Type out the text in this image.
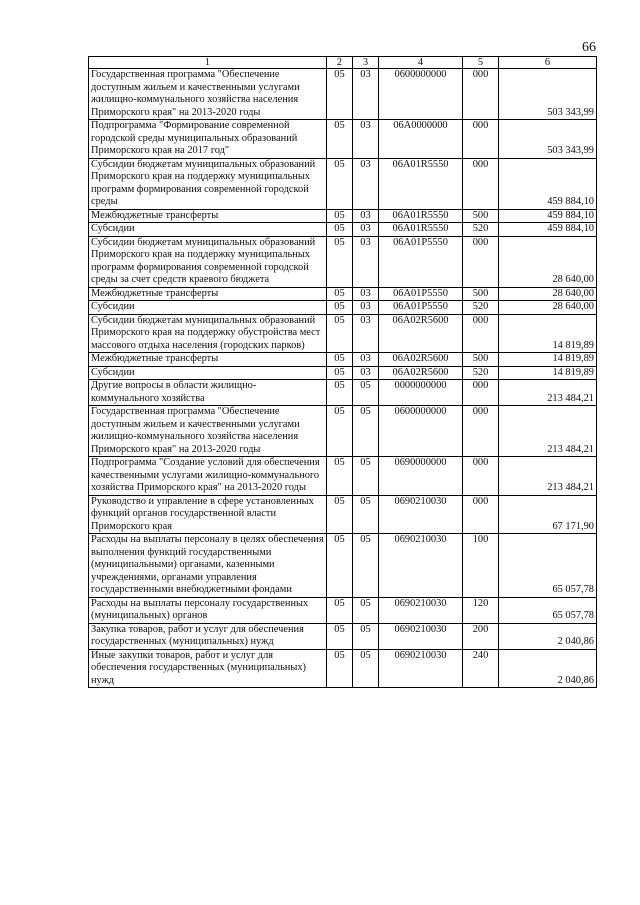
66
1	2	3	4	5	6
Государственная программа "Обеспечение доступным жильем и качественными услугами жилищно-коммунального хозяйства населения Приморского края" на 2013-2020 годы	05	03	0600000000	000	503 343,99
Подпрограмма "Формирование современной городской среды муниципальных образований Приморского края на 2017 год"	05	03	06А0000000	000	503 343,99
Субсидии бюджетам муниципальных образований Приморского края на поддержку муниципальных программ формирования современной городской среды	05	03	06А01R5550	000	459 884,10
Межбюджетные трансферты	05	03	06А01R5550	500	459 884,10
Субсидии	05	03	06А01R5550	520	459 884,10
Субсидии бюджетам муниципальных образований Приморского края на поддержку муниципальных программ формирования современной городской среды за счет средств краевого бюджета	05	03	06А01Р5550	000	28 640,00
Межбюджетные трансферты	05	03	06А01Р5550	500	28 640,00
Субсидии	05	03	06А01Р5550	520	28 640,00
Субсидии бюджетам муниципальных образований Приморского края на поддержку обустройства мест массового отдыха населения (городских парков)	05	03	06А02R5600	000	14 819,89
Межбюджетные трансферты	05	03	06А02R5600	500	14 819,89
Субсидии	05	03	06А02R5600	520	14 819,89
Другие вопросы в области жилищно-коммунального хозяйства	05	05	0000000000	000	213 484,21
Государственная программа "Обеспечение доступным жильем и качественными услугами жилищно-коммунального хозяйства населения Приморского края" на 2013-2020 годы	05	05	0600000000	000	213 484,21
Подпрограмма "Создание условий для обеспечения качественными услугами жилищно-коммунального хозяйства Приморского края" на 2013-2020 годы	05	05	0690000000	000	213 484,21
Руководство и управление в сфере установленных функций органов государственной власти Приморского края	05	05	0690210030	000	67 171,90
Расходы на выплаты персоналу в целях обеспечения выполнения функций государственными (муниципальными) органами, казенными учреждениями, органами управления государственными внебюджетными фондами	05	05	0690210030	100	65 057,78
Расходы на выплаты персоналу государственных (муниципальных) органов	05	05	0690210030	120	65 057,78
Закупка товаров, работ и услуг для обеспечения государственных (муниципальных) нужд	05	05	0690210030	200	2 040,86
Иные закупки товаров, работ и услуг для обеспечения государственных (муниципальных) нужд	05	05	0690210030	240	2 040,86
